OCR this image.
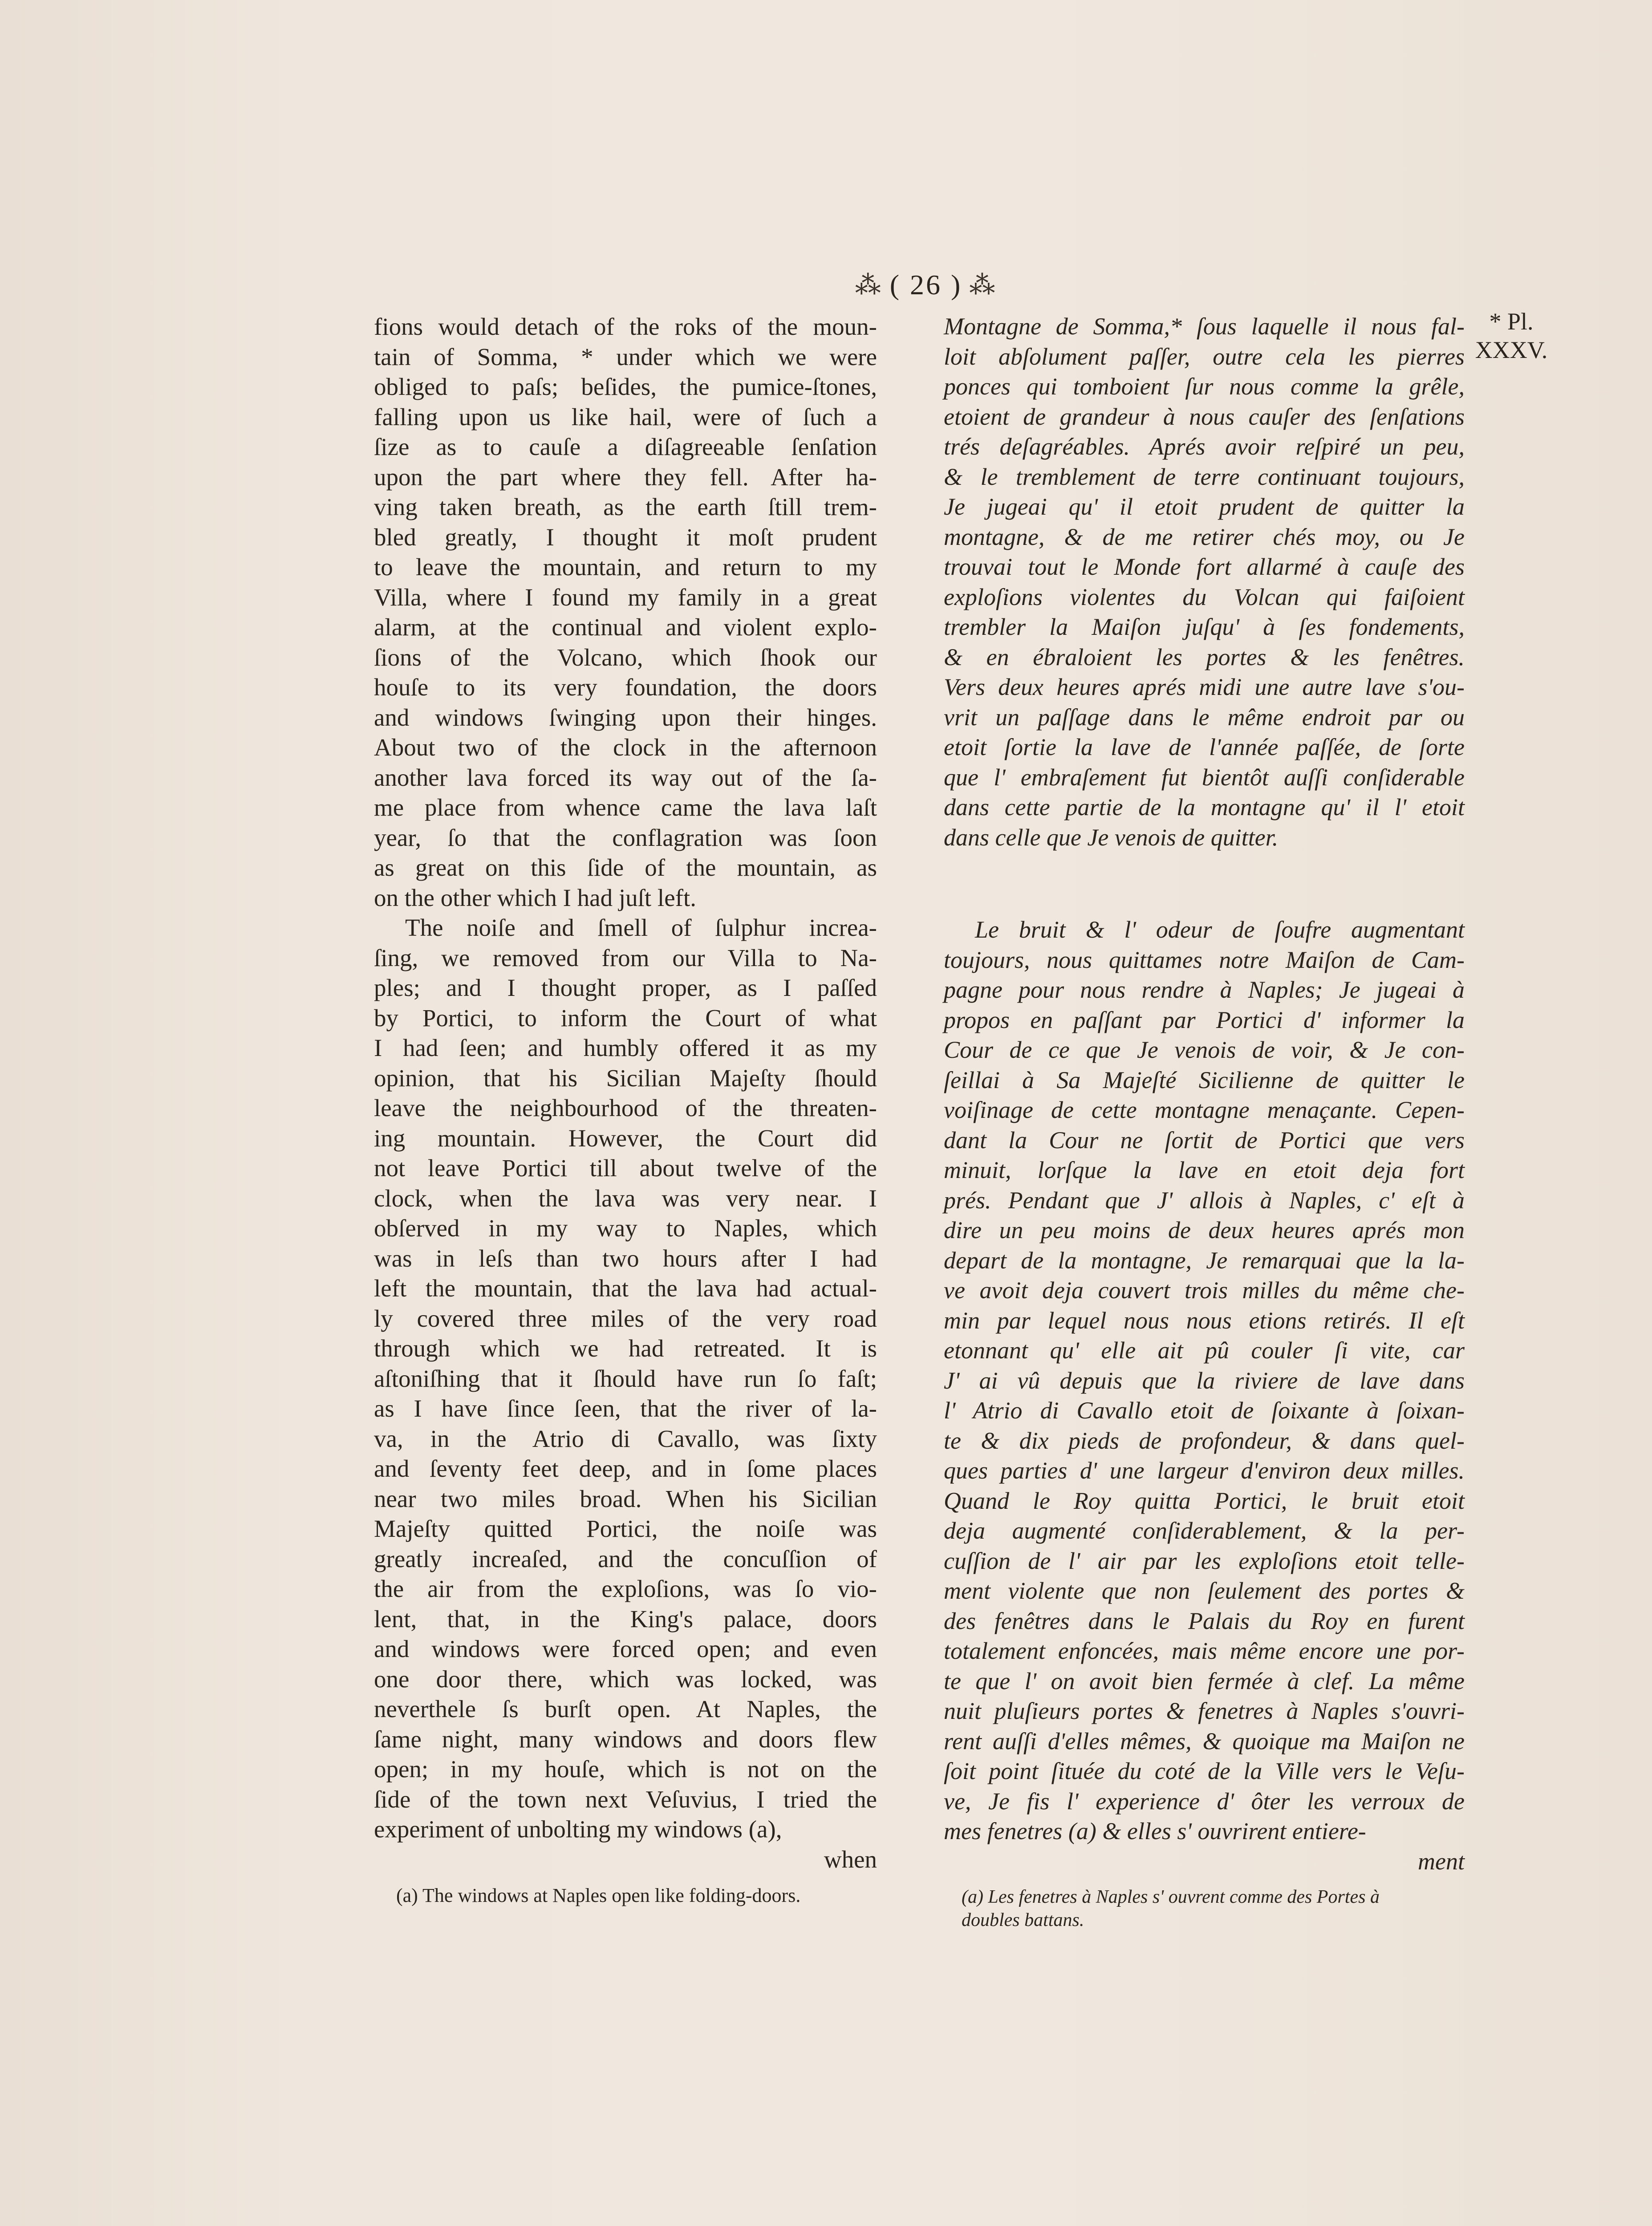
⁂ ( 26 ) ⁂
fions would detach of the roks of the moun-
tain of Somma, * under which we were
obliged to paſs; beſides, the pumice-ſtones,
falling upon us like hail, were of ſuch a
ſize as to cauſe a diſagreeable ſenſation
upon the part where they fell. After ha-
ving taken breath, as the earth ſtill trem-
bled greatly, I thought it moſt prudent
to leave the mountain, and return to my
Villa, where I found my family in a great
alarm, at the continual and violent explo-
ſions of the Volcano, which ſhook our
houſe to its very foundation, the doors
and windows ſwinging upon their hinges.
About two of the clock in the afternoon
another lava forced its way out of the ſa-
me place from whence came the lava laſt
year, ſo that the conflagration was ſoon
as great on this ſide of the mountain, as
on the other which I had juſt left.
The noiſe and ſmell of ſulphur increa-
ſing, we removed from our Villa to Na-
ples; and I thought proper, as I paſſed
by Portici, to inform the Court of what
I had ſeen; and humbly offered it as my
opinion, that his Sicilian Majeſty ſhould
leave the neighbourhood of the threaten-
ing mountain. However, the Court did
not leave Portici till about twelve of the
clock, when the lava was very near. I
obſerved in my way to Naples, which
was in leſs than two hours after I had
left the mountain, that the lava had actual-
ly covered three miles of the very road
through which we had retreated. It is
aſtoniſhing that it ſhould have run ſo faſt;
as I have ſince ſeen, that the river of la-
va, in the Atrio di Cavallo, was ſixty
and ſeventy feet deep, and in ſome places
near two miles broad. When his Sicilian
Majeſty quitted Portici, the noiſe was
greatly increaſed, and the concuſſion of
the air from the exploſions, was ſo vio-
lent, that, in the King's palace, doors
and windows were forced open; and even
one door there, which was locked, was
neverthele ſs burſt open. At Naples, the
ſame night, many windows and doors flew
open; in my houſe, which is not on the
ſide of the town next Veſuvius, I tried the
experiment of unbolting my windows (a),
when
* Pl.
XXXV.
Montagne de Somma,* ſous laquelle il nous fal-
loit abſolument paſſer, outre cela les pierres
ponces qui tomboient ſur nous comme la grêle,
etoient de grandeur à nous cauſer des ſenſations
trés deſagréables. Aprés avoir reſpiré un peu,
& le tremblement de terre continuant toujours,
Je jugeai qu' il etoit prudent de quitter la
montagne, & de me retirer chés moy, ou Je
trouvai tout le Monde fort allarmé à cauſe des
exploſions violentes du Volcan qui faiſoient
trembler la Maiſon juſqu' à ſes fondements,
& en ébraloient les portes & les fenêtres.
Vers deux heures aprés midi une autre lave s'ou-
vrit un paſſage dans le même endroit par ou
etoit ſortie la lave de l'année paſſée, de ſorte
que l' embraſement fut bientôt auſſi conſiderable
dans cette partie de la montagne qu' il l' etoit
dans celle que Je venois de quitter.
Le bruit & l' odeur de ſoufre augmentant
toujours, nous quittames notre Maiſon de Cam-
pagne pour nous rendre à Naples; Je jugeai à
propos en paſſant par Portici d' informer la
Cour de ce que Je venois de voir, & Je con-
ſeillai à Sa Majeſté Sicilienne de quitter le
voiſinage de cette montagne menaçante. Cepen-
dant la Cour ne ſortit de Portici que vers
minuit, lorſque la lave en etoit deja fort
prés. Pendant que J' allois à Naples, c' eſt à
dire un peu moins de deux heures aprés mon
depart de la montagne, Je remarquai que la la-
ve avoit deja couvert trois milles du même che-
min par lequel nous nous etions retirés. Il eſt
etonnant qu' elle ait pû couler ſi vite, car
J' ai vû depuis que la riviere de lave dans
l' Atrio di Cavallo etoit de ſoixante à ſoixan-
te & dix pieds de profondeur, & dans quel-
ques parties d' une largeur d'environ deux milles.
Quand le Roy quitta Portici, le bruit etoit
deja augmenté conſiderablement, & la per-
cuſſion de l' air par les exploſions etoit telle-
ment violente que non ſeulement des portes &
des fenêtres dans le Palais du Roy en furent
totalement enfoncées, mais même encore une por-
te que l' on avoit bien fermée à clef. La même
nuit pluſieurs portes & fenetres à Naples s'ouvri-
rent auſſi d'elles mêmes, & quoique ma Maiſon ne
ſoit point ſituée du coté de la Ville vers le Veſu-
ve, Je fis l' experience d' ôter les verroux de
mes fenetres (a) & elles s' ouvrirent entiere-
ment
(a) The windows at Naples open like folding-doors.	(a) Les fenetres à Naples s' ouvrent comme des Portes à
doubles battans.
